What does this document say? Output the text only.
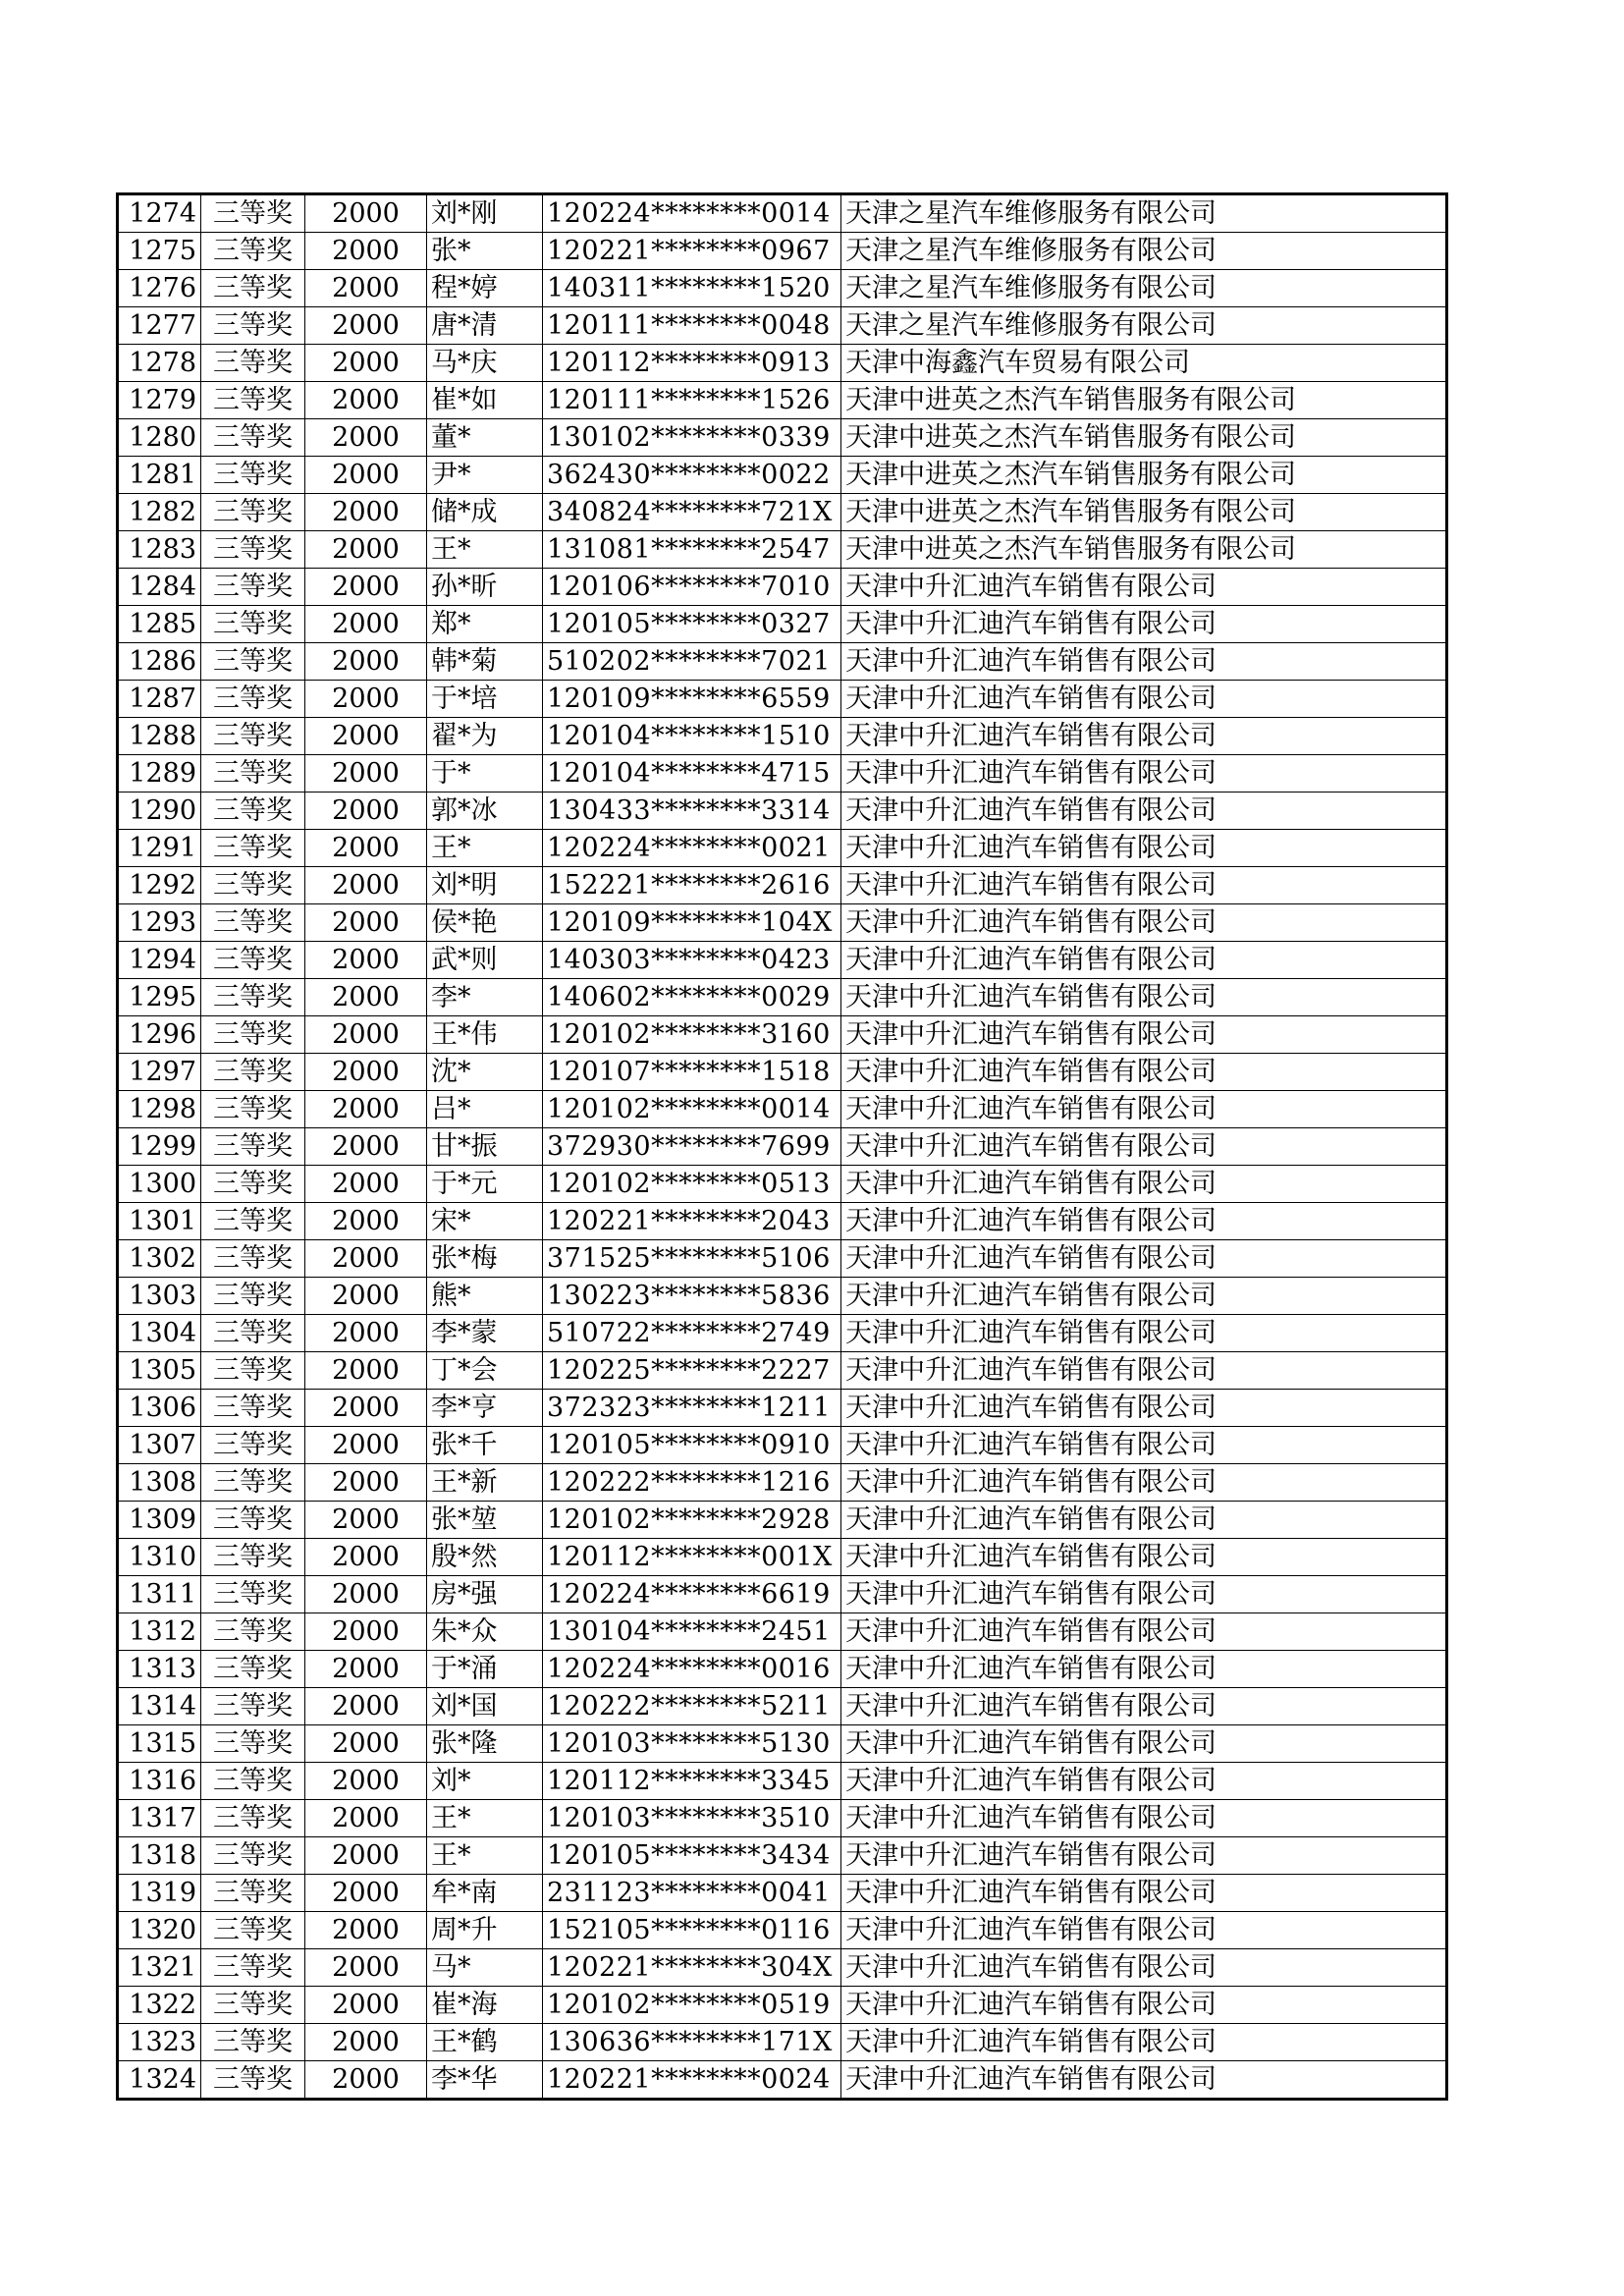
1274	三等奖	2000	刘*刚	120224********0014	天津之星汽车维修服务有限公司
1275	三等奖	2000	张*	120221********0967	天津之星汽车维修服务有限公司
1276	三等奖	2000	程*婷	140311********1520	天津之星汽车维修服务有限公司
1277	三等奖	2000	唐*清	120111********0048	天津之星汽车维修服务有限公司
1278	三等奖	2000	马*庆	120112********0913	天津中海鑫汽车贸易有限公司
1279	三等奖	2000	崔*如	120111********1526	天津中进英之杰汽车销售服务有限公司
1280	三等奖	2000	董*	130102********0339	天津中进英之杰汽车销售服务有限公司
1281	三等奖	2000	尹*	362430********0022	天津中进英之杰汽车销售服务有限公司
1282	三等奖	2000	储*成	340824********721X	天津中进英之杰汽车销售服务有限公司
1283	三等奖	2000	王*	131081********2547	天津中进英之杰汽车销售服务有限公司
1284	三等奖	2000	孙*昕	120106********7010	天津中升汇迪汽车销售有限公司
1285	三等奖	2000	郑*	120105********0327	天津中升汇迪汽车销售有限公司
1286	三等奖	2000	韩*菊	510202********7021	天津中升汇迪汽车销售有限公司
1287	三等奖	2000	于*培	120109********6559	天津中升汇迪汽车销售有限公司
1288	三等奖	2000	翟*为	120104********1510	天津中升汇迪汽车销售有限公司
1289	三等奖	2000	于*	120104********4715	天津中升汇迪汽车销售有限公司
1290	三等奖	2000	郭*冰	130433********3314	天津中升汇迪汽车销售有限公司
1291	三等奖	2000	王*	120224********0021	天津中升汇迪汽车销售有限公司
1292	三等奖	2000	刘*明	152221********2616	天津中升汇迪汽车销售有限公司
1293	三等奖	2000	侯*艳	120109********104X	天津中升汇迪汽车销售有限公司
1294	三等奖	2000	武*则	140303********0423	天津中升汇迪汽车销售有限公司
1295	三等奖	2000	李*	140602********0029	天津中升汇迪汽车销售有限公司
1296	三等奖	2000	王*伟	120102********3160	天津中升汇迪汽车销售有限公司
1297	三等奖	2000	沈*	120107********1518	天津中升汇迪汽车销售有限公司
1298	三等奖	2000	吕*	120102********0014	天津中升汇迪汽车销售有限公司
1299	三等奖	2000	甘*振	372930********7699	天津中升汇迪汽车销售有限公司
1300	三等奖	2000	于*元	120102********0513	天津中升汇迪汽车销售有限公司
1301	三等奖	2000	宋*	120221********2043	天津中升汇迪汽车销售有限公司
1302	三等奖	2000	张*梅	371525********5106	天津中升汇迪汽车销售有限公司
1303	三等奖	2000	熊*	130223********5836	天津中升汇迪汽车销售有限公司
1304	三等奖	2000	李*蒙	510722********2749	天津中升汇迪汽车销售有限公司
1305	三等奖	2000	丁*会	120225********2227	天津中升汇迪汽车销售有限公司
1306	三等奖	2000	李*亨	372323********1211	天津中升汇迪汽车销售有限公司
1307	三等奖	2000	张*千	120105********0910	天津中升汇迪汽车销售有限公司
1308	三等奖	2000	王*新	120222********1216	天津中升汇迪汽车销售有限公司
1309	三等奖	2000	张*堃	120102********2928	天津中升汇迪汽车销售有限公司
1310	三等奖	2000	殷*然	120112********001X	天津中升汇迪汽车销售有限公司
1311	三等奖	2000	房*强	120224********6619	天津中升汇迪汽车销售有限公司
1312	三等奖	2000	朱*众	130104********2451	天津中升汇迪汽车销售有限公司
1313	三等奖	2000	于*涌	120224********0016	天津中升汇迪汽车销售有限公司
1314	三等奖	2000	刘*国	120222********5211	天津中升汇迪汽车销售有限公司
1315	三等奖	2000	张*隆	120103********5130	天津中升汇迪汽车销售有限公司
1316	三等奖	2000	刘*	120112********3345	天津中升汇迪汽车销售有限公司
1317	三等奖	2000	王*	120103********3510	天津中升汇迪汽车销售有限公司
1318	三等奖	2000	王*	120105********3434	天津中升汇迪汽车销售有限公司
1319	三等奖	2000	牟*南	231123********0041	天津中升汇迪汽车销售有限公司
1320	三等奖	2000	周*升	152105********0116	天津中升汇迪汽车销售有限公司
1321	三等奖	2000	马*	120221********304X	天津中升汇迪汽车销售有限公司
1322	三等奖	2000	崔*海	120102********0519	天津中升汇迪汽车销售有限公司
1323	三等奖	2000	王*鹤	130636********171X	天津中升汇迪汽车销售有限公司
1324	三等奖	2000	李*华	120221********0024	天津中升汇迪汽车销售有限公司
